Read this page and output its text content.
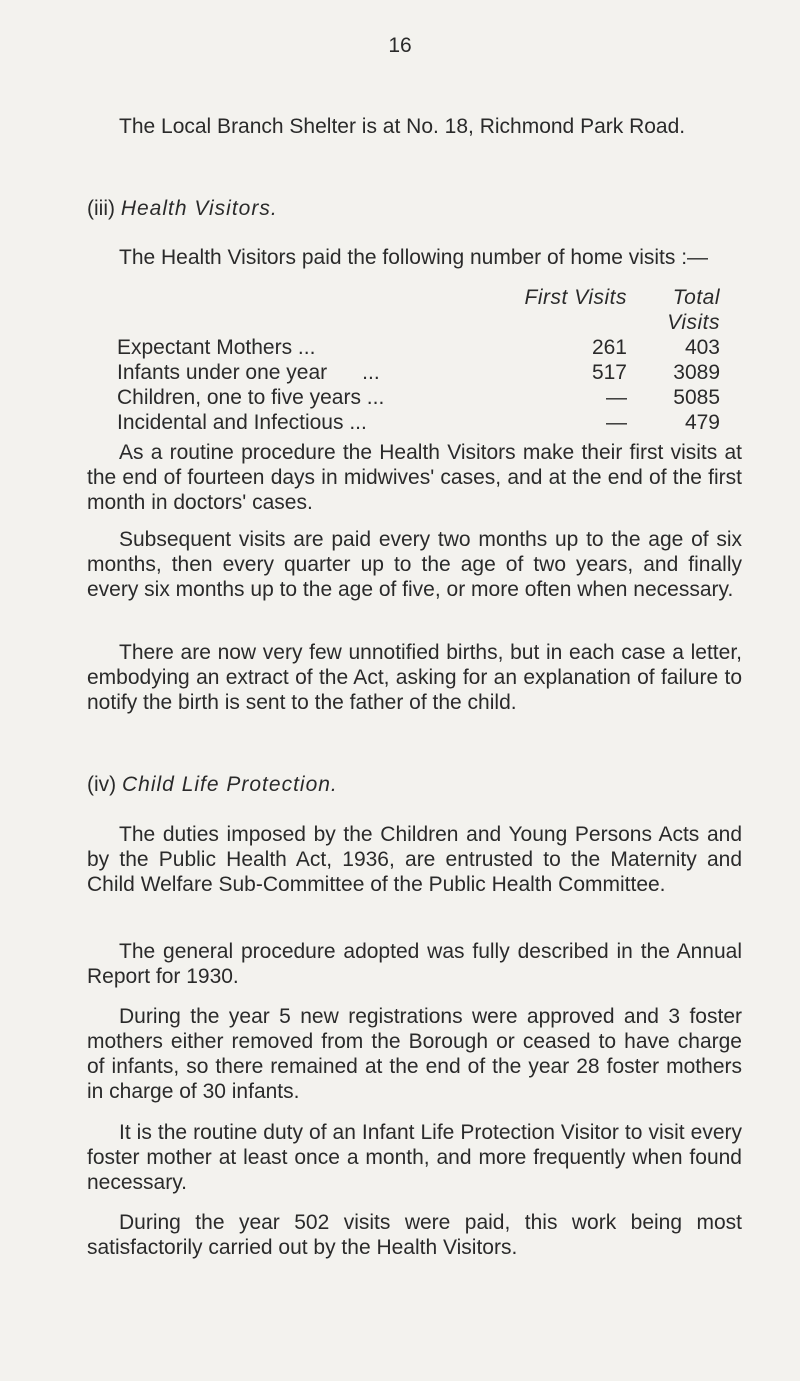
16

The Local Branch Shelter is at No. 18, Richmond Park Road.

(iii) Health Visitors.

The Health Visitors paid the following number of home visits :—

	First Visits	Total Visits
Expectant Mothers ...	261	403
Infants under one year ...	517	3089
Children, one to five years ...	—	5085
Incidental and Infectious ...	—	479

As a routine procedure the Health Visitors make their first visits at the end of fourteen days in midwives' cases, and at the end of the first month in doctors' cases.

Subsequent visits are paid every two months up to the age of six months, then every quarter up to the age of two years, and finally every six months up to the age of five, or more often when necessary.

There are now very few unnotified births, but in each case a letter, embodying an extract of the Act, asking for an explanation of failure to notify the birth is sent to the father of the child.

(iv) Child Life Protection.

The duties imposed by the Children and Young Persons Acts and by the Public Health Act, 1936, are entrusted to the Maternity and Child Welfare Sub-Committee of the Public Health Committee.

The general procedure adopted was fully described in the Annual Report for 1930.

During the year 5 new registrations were approved and 3 foster mothers either removed from the Borough or ceased to have charge of infants, so there remained at the end of the year 28 foster mothers in charge of 30 infants.

It is the routine duty of an Infant Life Protection Visitor to visit every foster mother at least once a month, and more frequently when found necessary.

During the year 502 visits were paid, this work being most satisfactorily carried out by the Health Visitors.
